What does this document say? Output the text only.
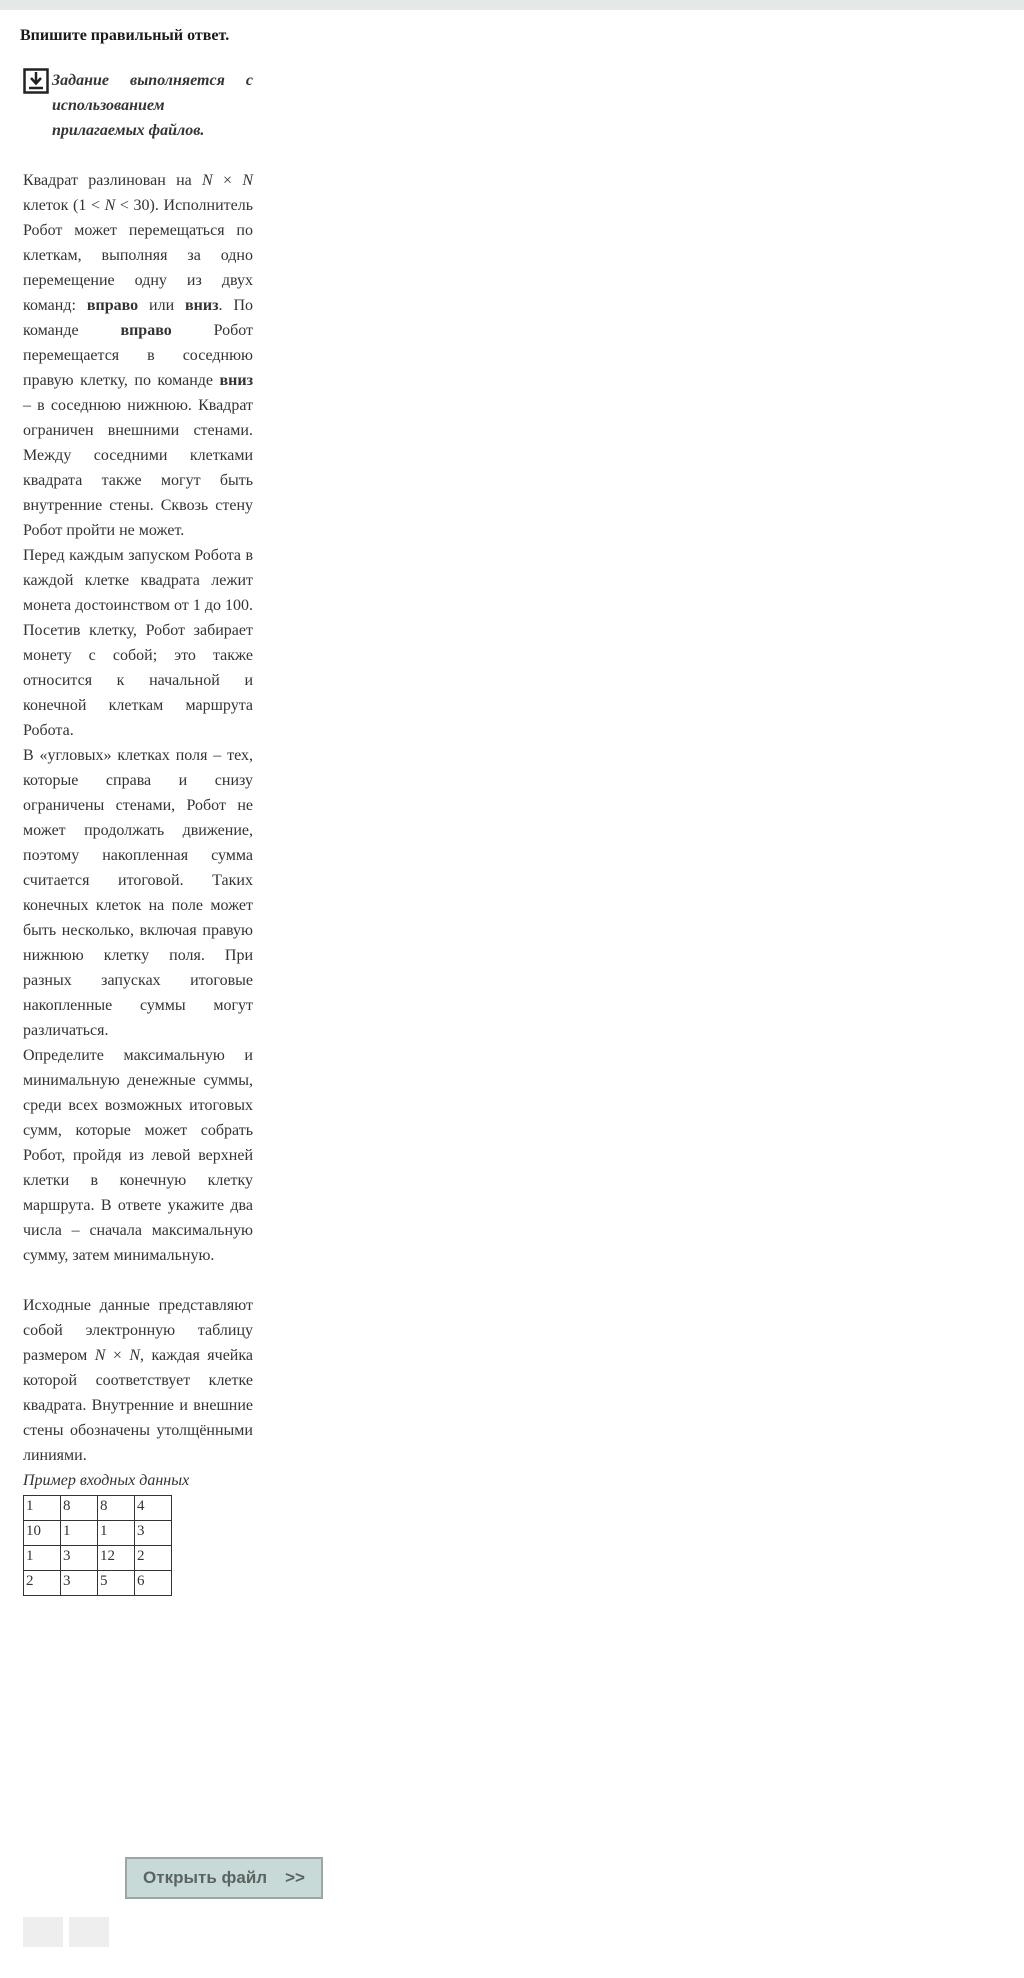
Впишите правильный ответ.
Задание выполняется с использованием прилагаемых файлов.

Квадрат разлинован на N × N клеток (1 < N < 30). Исполнитель Робот может перемещаться по клеткам, выполняя за одно перемещение одну из двух команд: вправо или вниз. По команде вправо Робот перемещается в соседнюю правую клетку, по команде вниз – в соседнюю нижнюю. Квадрат ограничен внешними стенами. Между соседними клетками квадрата также могут быть внутренние стены. Сквозь стену Робот пройти не может.

Перед каждым запуском Робота в каждой клетке квадрата лежит монета достоинством от 1 до 100. Посетив клетку, Робот забирает монету с собой; это также относится к начальной и конечной клеткам маршрута Робота.

В «угловых» клетках поля – тех, которые справа и снизу ограничены стенами, Робот не может продолжать движение, поэтому накопленная сумма считается итоговой. Таких конечных клеток на поле может быть несколько, включая правую нижнюю клетку поля. При разных запусках итоговые накопленные суммы могут различаться.

Определите максимальную и минимальную денежные суммы, среди всех возможных итоговых сумм, которые может собрать Робот, пройдя из левой верхней клетки в конечную клетку маршрута. В ответе укажите два числа – сначала максимальную сумму, затем минимальную.

Исходные данные представляют собой электронную таблицу размером N × N, каждая ячейка которой соответствует клетке квадрата. Внутренние и внешние стены обозначены утолщёнными линиями.

Пример входных данных
1	8	8	4
10	1	1	3
1	3	12	2
2	3	5	6
Открыть файл >>
